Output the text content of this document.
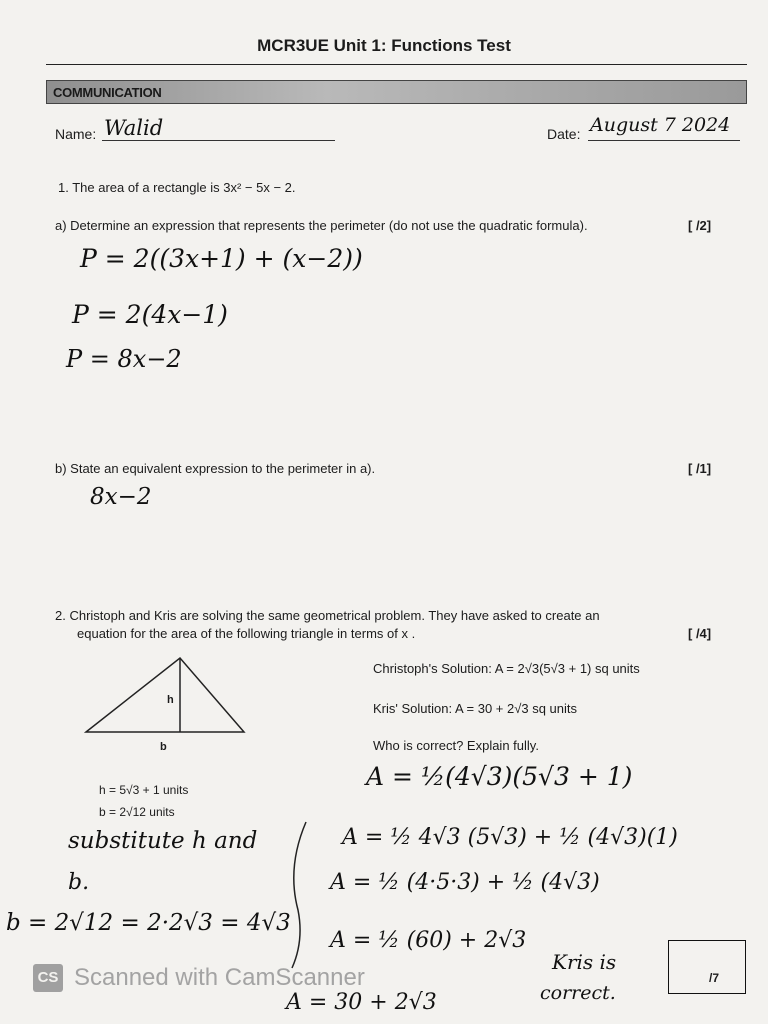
MCR3UE Unit 1: Functions Test
COMMUNICATION
Name: Walid	Date: August 7 2024
1. The area of a rectangle is 3x² − 5x − 2.
a) Determine an expression that represents the perimeter (do not use the quadratic formula).	[ /2]
P = 2((3x+1) + (x−2))
P = 2(4x−1)
P = 8x−2
b) State an equivalent expression to the perimeter in a).	[ /1]
8x−2
2. Christoph and Kris are solving the same geometrical problem. They have asked to create an
equation for the area of the following triangle in terms of x .	[ /4]
h
b
Christoph's Solution: A = 2√3(5√3 + 1) sq units
Kris' Solution: A = 30 + 2√3 sq units
Who is correct? Explain fully.
h = 5√3 + 1 units
b = 2√12 units
substitute h and
b.
b = 2√12 = 2·2√3 = 4√3
A = 30 + 2√3
A = ½(4√3)(5√3 + 1)
A = ½ 4√3 (5√3) + ½ (4√3)(1)
A = ½ (4·5·3) + ½ (4√3)
A = ½ (60) + 2√3
Kris is
correct.
/7
CS Scanned with CamScanner
